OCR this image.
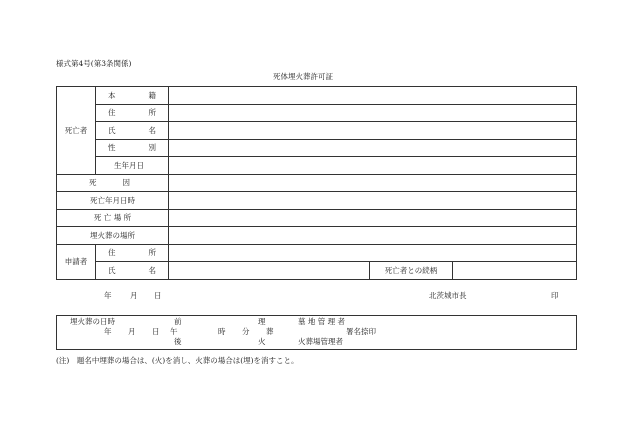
様式第4号(第3条関係)
死体埋火葬許可証
死亡者	本 籍			

	住 所			

	氏 名			

	性 別			

	生年月日			

死 因				

死亡年月日時				
死 亡 場 所				
埋火葬の場所				
申請者	住 所			

	氏 名		死亡者との続柄	
年 月 日	北茨城市長	印
埋火葬の日時	前	理	墓 地 管 理 者
年 月 日 午	時 分 葬	署名捺印
後	火	火葬場管理者
(注)　題名中埋葬の場合は、(火)を消し、火葬の場合は(埋)を消すこと。
